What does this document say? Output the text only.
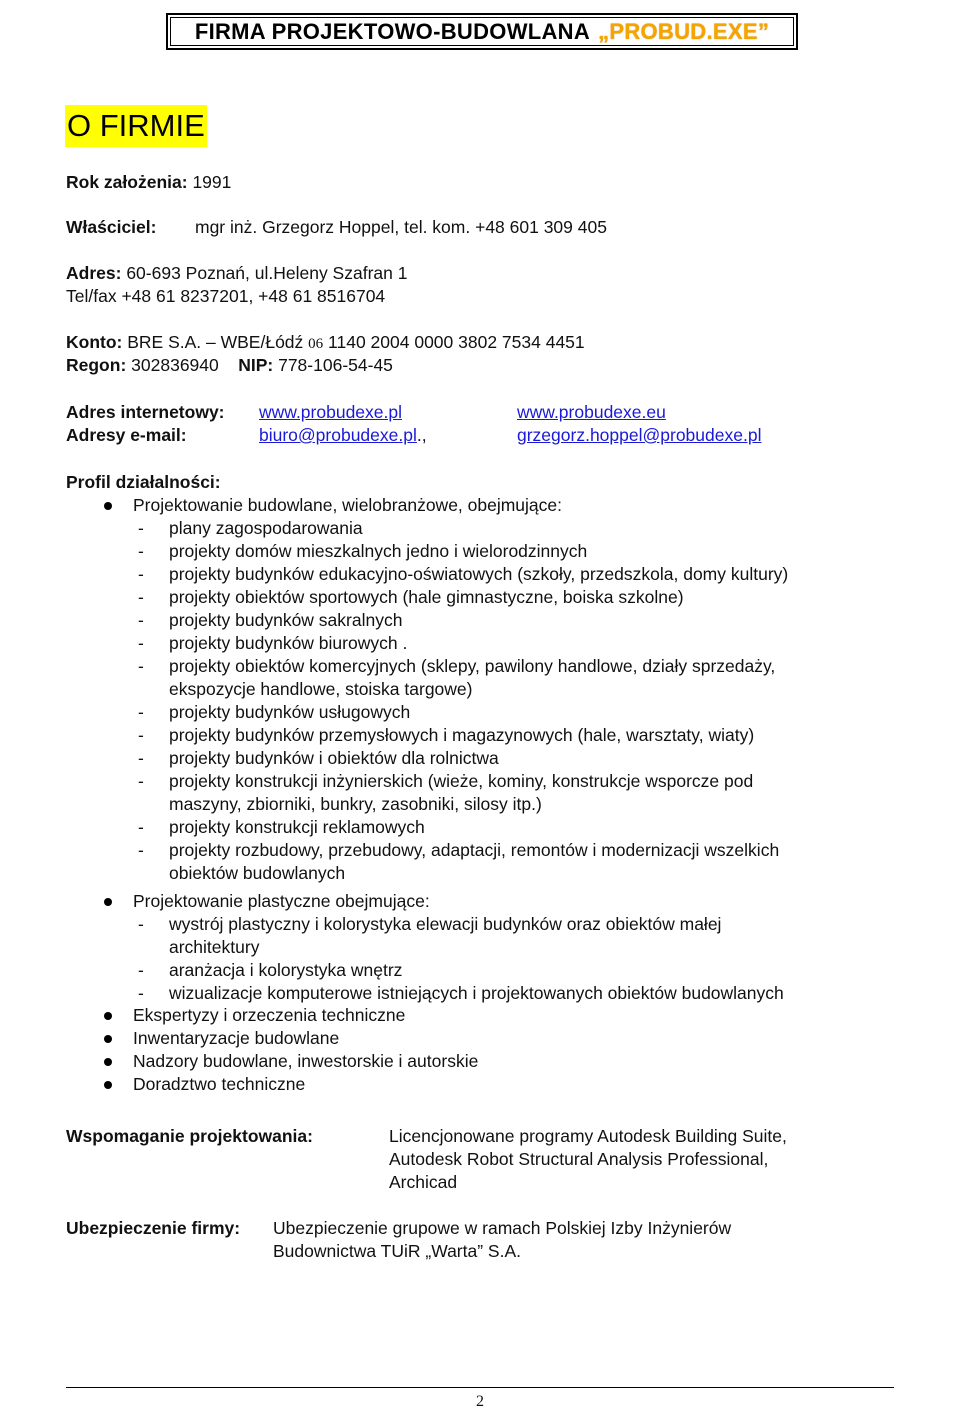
FIRMA PROJEKTOWO-BUDOWLANA „PROBUD.EXE”
O FIRMIE
Rok założenia: 1991
Właściciel: mgr inż. Grzegorz Hoppel, tel. kom. +48 601 309 405
Adres: 60-693 Poznań, ul.Heleny Szafran 1
Tel/fax +48 61 8237201, +48 61 8516704
Konto: BRE S.A. – WBE/Łódź 06 1140 2004 0000 3802 7534 4451
Regon: 302836940 NIP: 778-106-54-45
Adres internetowy: www.probudexe.pl	www.probudexe.eu
Adresy e-mail:	biuro@probudexe.pl.,	grzegorz.hoppel@probudexe.pl
Profil działalności:
Projektowanie budowlane, wielobranżowe, obejmujące:
- plany zagospodarowania
- projekty domów mieszkalnych jedno i wielorodzinnych
- projekty budynków edukacyjno-oświatowych (szkoły, przedszkola, domy kultury)
- projekty obiektów sportowych (hale gimnastyczne, boiska szkolne)
- projekty budynków sakralnych
- projekty budynków biurowych .
- projekty obiektów komercyjnych (sklepy, pawilony handlowe, działy sprzedaży,
ekspozycje handlowe, stoiska targowe)
- projekty budynków usługowych
- projekty budynków przemysłowych i magazynowych (hale, warsztaty, wiaty)
- projekty budynków i obiektów dla rolnictwa
- projekty konstrukcji inżynierskich (wieże, kominy, konstrukcje wsporcze pod
maszyny, zbiorniki, bunkry, zasobniki, silosy itp.)
- projekty konstrukcji reklamowych
- projekty rozbudowy, przebudowy, adaptacji, remontów i modernizacji wszelkich
obiektów budowlanych
Projektowanie plastyczne obejmujące:
- wystrój plastyczny i kolorystyka elewacji budynków oraz obiektów małej
architektury
- aranżacja i kolorystyka wnętrz
- wizualizacje komputerowe istniejących i projektowanych obiektów budowlanych
Ekspertyzy i orzeczenia techniczne
Inwentaryzacje budowlane
Nadzory budowlane, inwestorskie i autorskie
Doradztwo techniczne
Wspomaganie projektowania:	Licencjonowane programy Autodesk Building Suite,
Autodesk Robot Structural Analysis Professional,
Archicad
Ubezpieczenie firmy: Ubezpieczenie grupowe w ramach Polskiej Izby Inżynierów
Budownictwa TUiR „Warta” S.A.
2
